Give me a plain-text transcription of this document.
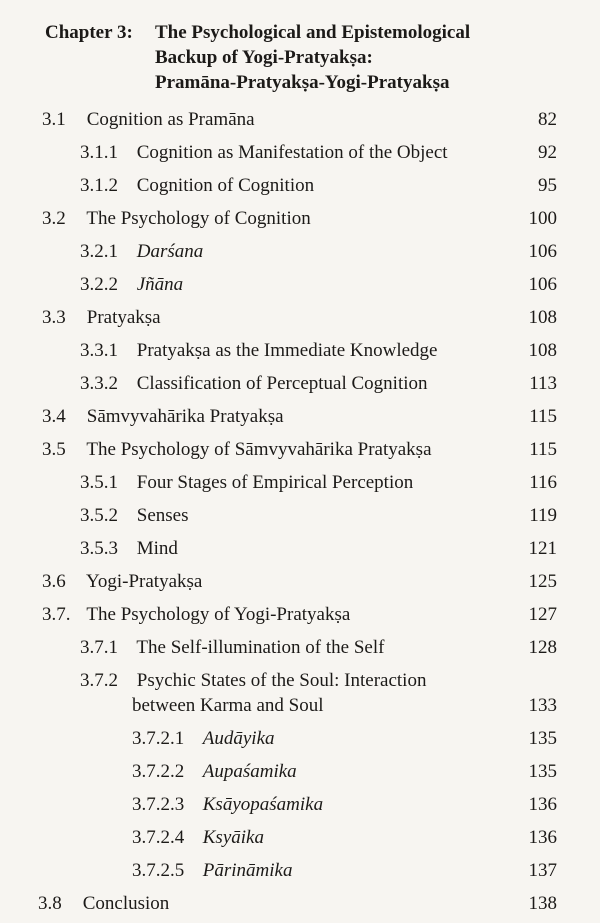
Chapter 3: The Psychological and Epistemological
Backup of Yogi-Pratyakṣa:
Pramāna-Pratyakṣa-Yogi-Pratyakṣa
3.1 Cognition as Pramāna	82
3.1.1 Cognition as Manifestation of the Object	92
3.1.2 Cognition of Cognition	95
3.2 The Psychology of Cognition	100
3.2.1 Darśana	106
3.2.2 Jñāna	106
3.3 Pratyakṣa	108
3.3.1 Pratyakṣa as the Immediate Knowledge	108
3.3.2 Classification of Perceptual Cognition	113
3.4 Sāmvyvahārika Pratyakṣa	115
3.5 The Psychology of Sāmvyvahārika Pratyakṣa	115
3.5.1 Four Stages of Empirical Perception	116
3.5.2 Senses	119
3.5.3 Mind	121
3.6 Yogi-Pratyakṣa	125
3.7. The Psychology of Yogi-Pratyakṣa	127
3.7.1 The Self-illumination of the Self	128
3.7.2 Psychic States of the Soul: Interaction
between Karma and Soul	133
3.7.2.1 Audāyika	135
3.7.2.2 Aupaśamika	135
3.7.2.3 Ksāyopaśamika	136
3.7.2.4 Ksyāika	136
3.7.2.5 Pārināmika	137
3.8 Conclusion	138
